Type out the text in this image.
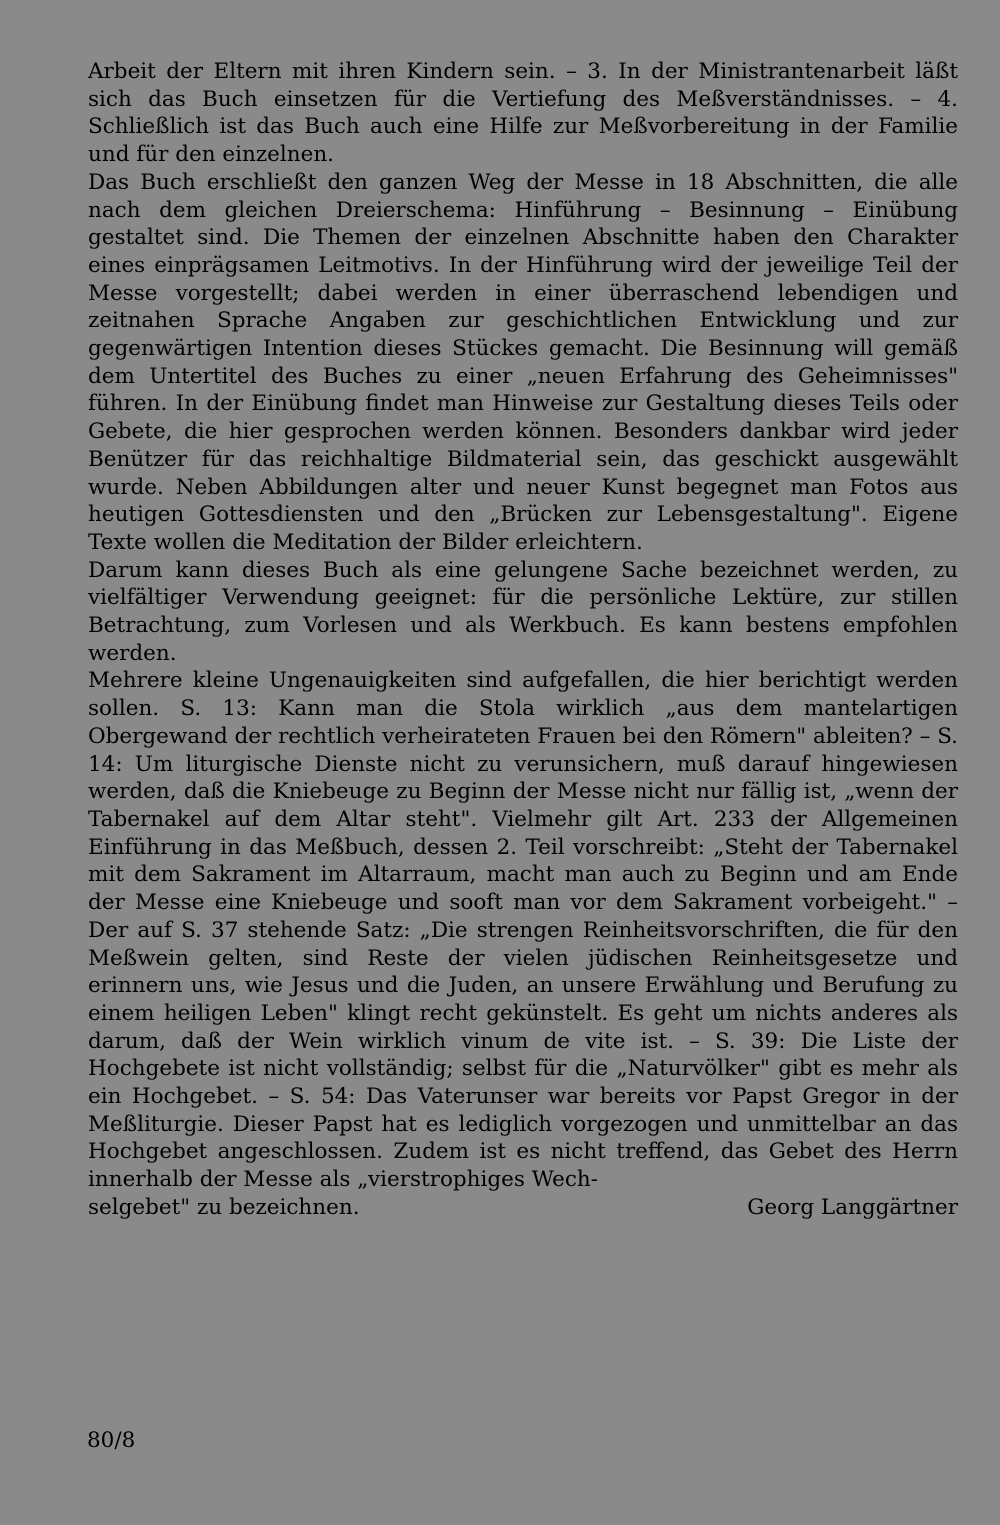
Arbeit der Eltern mit ihren Kindern sein. – 3. In der Ministrantenarbeit läßt sich das Buch einsetzen für die Vertiefung des Meßverständnisses. – 4. Schließlich ist das Buch auch eine Hilfe zur Meßvorbereitung in der Familie und für den einzelnen.

Das Buch erschließt den ganzen Weg der Messe in 18 Abschnitten, die alle nach dem gleichen Dreierschema: Hinführung – Besinnung – Einübung gestaltet sind. Die Themen der einzelnen Abschnitte haben den Charakter eines einprägsamen Leitmotivs. In der Hinführung wird der jeweilige Teil der Messe vorgestellt; dabei werden in einer überraschend lebendigen und zeitnahen Sprache Angaben zur geschichtlichen Entwicklung und zur gegenwärtigen Intention dieses Stückes gemacht. Die Besinnung will gemäß dem Untertitel des Buches zu einer „neuen Erfahrung des Geheimnisses" führen. In der Einübung findet man Hinweise zur Gestaltung dieses Teils oder Gebete, die hier gesprochen werden können. Besonders dankbar wird jeder Benützer für das reichhaltige Bildmaterial sein, das geschickt ausgewählt wurde. Neben Abbildungen alter und neuer Kunst begegnet man Fotos aus heutigen Gottesdiensten und den „Brücken zur Lebensgestaltung". Eigene Texte wollen die Meditation der Bilder erleichtern.

Darum kann dieses Buch als eine gelungene Sache bezeichnet werden, zu vielfältiger Verwendung geeignet: für die persönliche Lektüre, zur stillen Betrachtung, zum Vorlesen und als Werkbuch. Es kann bestens empfohlen werden.

Mehrere kleine Ungenauigkeiten sind aufgefallen, die hier berichtigt werden sollen. S. 13: Kann man die Stola wirklich „aus dem mantelartigen Obergewand der rechtlich verheirateten Frauen bei den Römern" ableiten? – S. 14: Um liturgische Dienste nicht zu verunsichern, muß darauf hingewiesen werden, daß die Kniebeuge zu Beginn der Messe nicht nur fällig ist, „wenn der Tabernakel auf dem Altar steht". Vielmehr gilt Art. 233 der Allgemeinen Einführung in das Meßbuch, dessen 2. Teil vorschreibt: „Steht der Tabernakel mit dem Sakrament im Altarraum, macht man auch zu Beginn und am Ende der Messe eine Kniebeuge und sooft man vor dem Sakrament vorbeigeht." – Der auf S. 37 stehende Satz: „Die strengen Reinheitsvorschriften, die für den Meßwein gelten, sind Reste der vielen jüdischen Reinheitsgesetze und erinnern uns, wie Jesus und die Juden, an unsere Erwählung und Berufung zu einem heiligen Leben" klingt recht gekünstelt. Es geht um nichts anderes als darum, daß der Wein wirklich vinum de vite ist. – S. 39: Die Liste der Hochgebete ist nicht vollständig; selbst für die „Naturvölker" gibt es mehr als ein Hochgebet. – S. 54: Das Vaterunser war bereits vor Papst Gregor in der Meßliturgie. Dieser Papst hat es lediglich vorgezogen und unmittelbar an das Hochgebet angeschlossen. Zudem ist es nicht treffend, das Gebet des Herrn innerhalb der Messe als „vierstrophiges Wech-

selgebet" zu bezeichnen.	Georg Langgärtner
80/8
